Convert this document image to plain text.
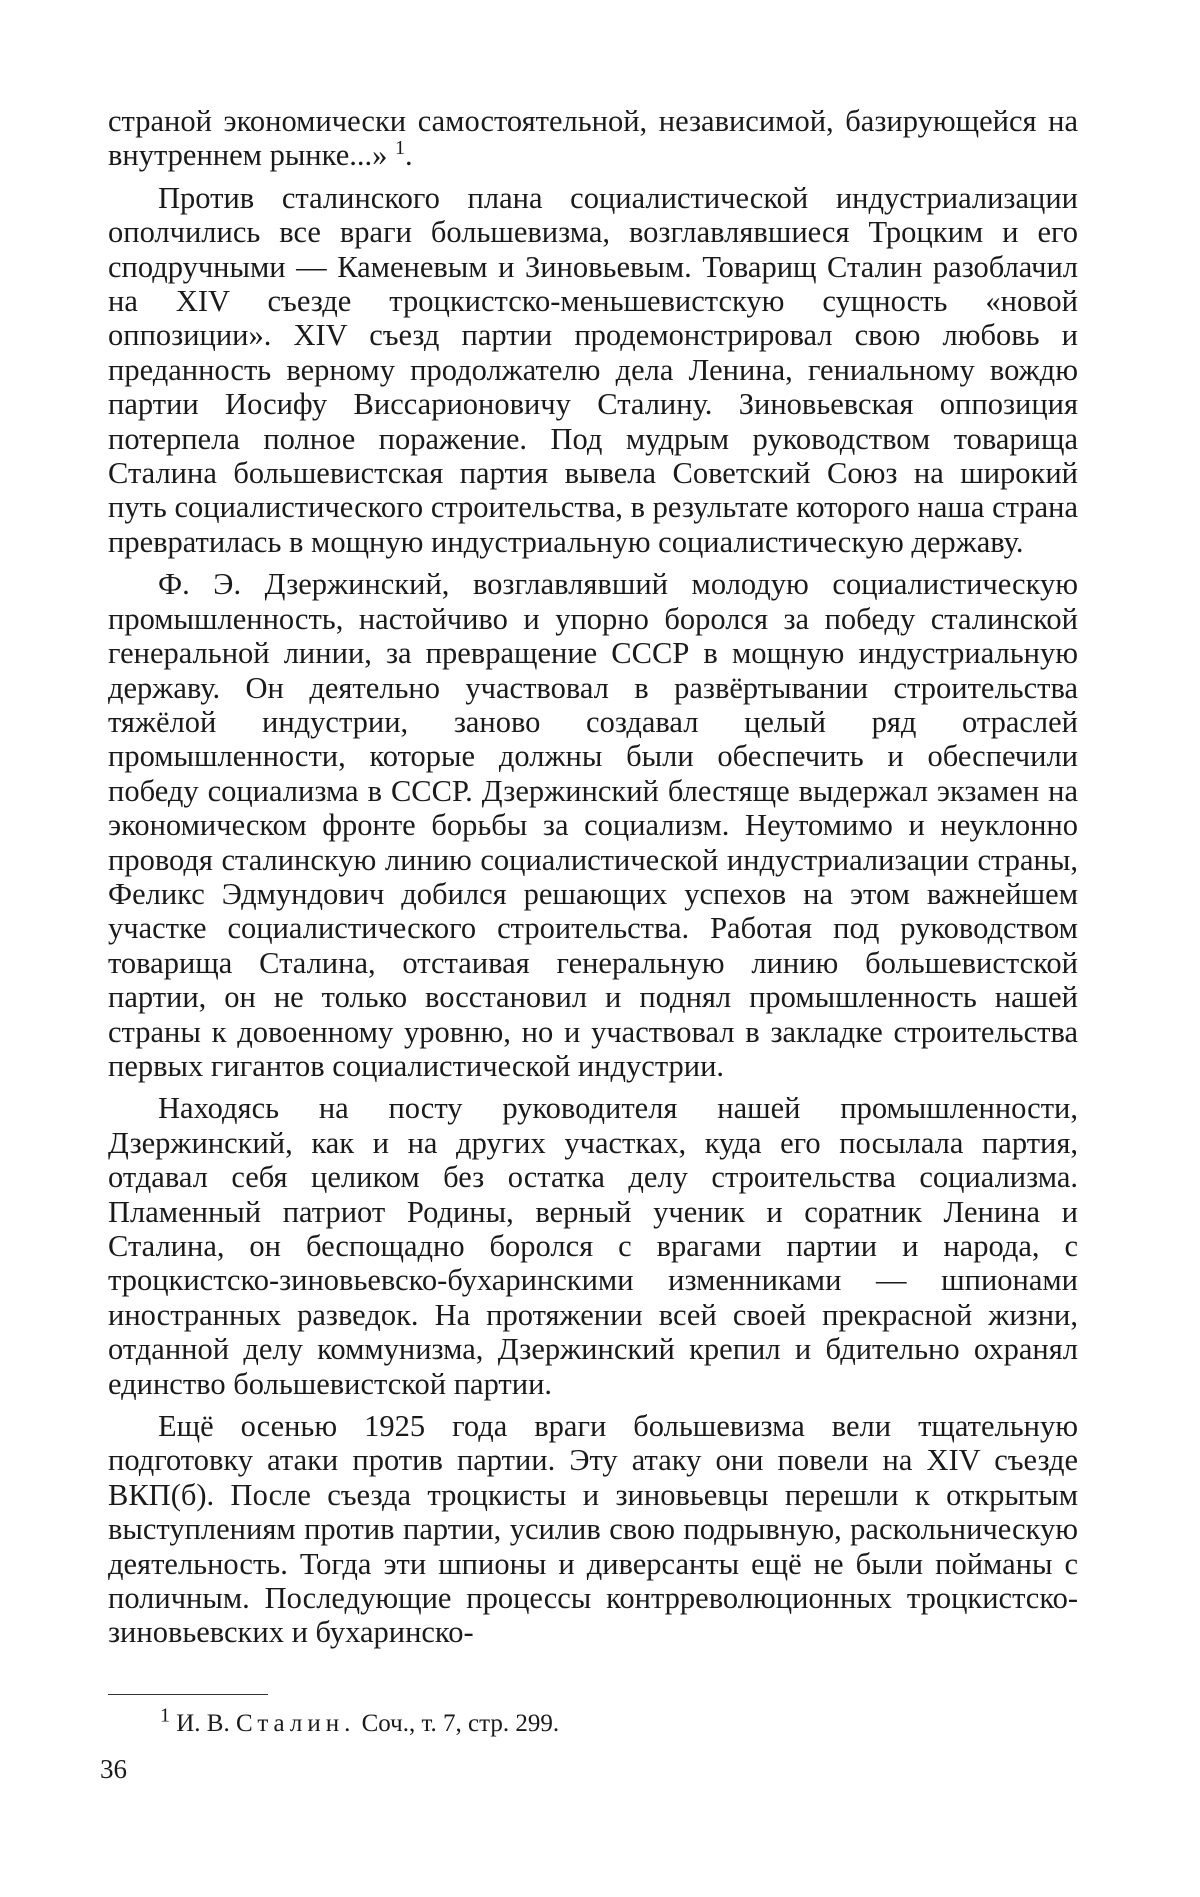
страной экономически самостоятельной, независимой, базирующейся на внутреннем рынке...» $^1$.

Против сталинского плана социалистической индустриализации ополчились все враги большевизма, возглавлявшиеся Троцким и его сподручными — Каменевым и Зиновьевым. Товарищ Сталин разоблачил на XIV съезде троцкистско-меньшевистскую сущность «новой оппозиции». XIV съезд партии продемонстрировал свою любовь и преданность верному продолжателю дела Ленина, гениальному вождю партии Иосифу Виссарионовичу Сталину. Зиновьевская оппозиция потерпела полное поражение. Под мудрым руководством товарища Сталина большевистская партия вывела Советский Союз на широкий путь социалистического строительства, в результате которого наша страна превратилась в мощную индустриальную социалистическую державу.

Ф. Э. Дзержинский, возглавлявший молодую социалистическую промышленность, настойчиво и упорно боролся за победу сталинской генеральной линии, за превращение СССР в мощную индустриальную державу. Он деятельно участвовал в развёртывании строительства тяжёлой индустрии, заново создавал целый ряд отраслей промышленности, которые должны были обеспечить и обеспечили победу социализма в СССР. Дзержинский блестяще выдержал экзамен на экономическом фронте борьбы за социализм. Неутомимо и неуклонно проводя сталинскую линию социалистической индустриализации страны, Феликс Эдмундович добился решающих успехов на этом важнейшем участке социалистического строительства. Работая под руководством товарища Сталина, отстаивая генеральную линию большевистской партии, он не только восстановил и поднял промышленность нашей страны к довоенному уровню, но и участвовал в закладке строительства первых гигантов социалистической индустрии.

Находясь на посту руководителя нашей промышленности, Дзержинский, как и на других участках, куда его посылала партия, отдавал себя целиком без остатка делу строительства социализма. Пламенный патриот Родины, верный ученик и соратник Ленина и Сталина, он беспощадно боролся с врагами партии и народа, с троцкистско-зиновьевско-бухаринскими изменниками — шпионами иностранных разведок. На протяжении всей своей прекрасной жизни, отданной делу коммунизма, Дзержинский крепил и бдительно охранял единство большевистской партии.

Ещё осенью 1925 года враги большевизма вели тщательную подготовку атаки против партии. Эту атаку они повели на XIV съезде ВКП(б). После съезда троцкисты и зиновьевцы перешли к открытым выступлениям против партии, усилив свою подрывную, раскольническую деятельность. Тогда эти шпионы и диверсанты ещё не были пойманы с поличным. Последующие процессы контрреволюционных троцкистско-зиновьевских и бухаринско-

$^1$ И. В. Сталин. Соч., т. 7, стр. 299.
36
